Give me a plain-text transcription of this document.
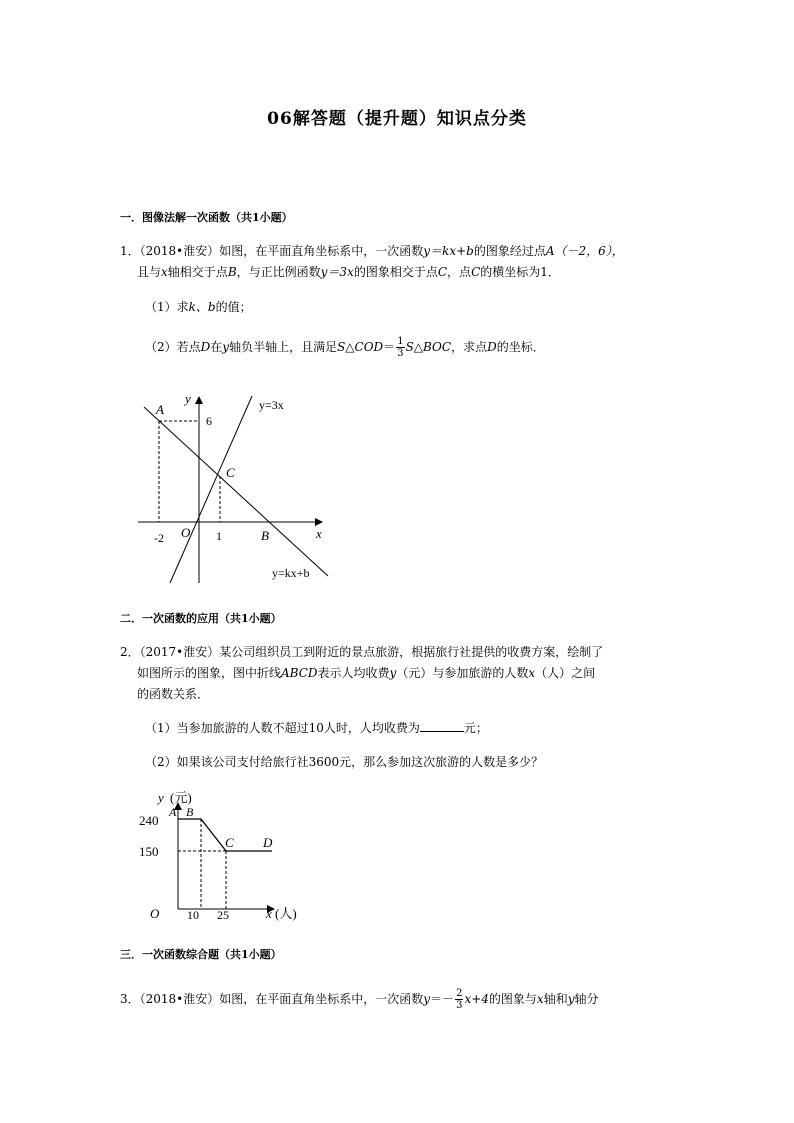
06解答题（提升题）知识点分类
一．图像法解一次函数（共1小题）
1．（2018•淮安）如图，在平面直角坐标系中，一次函数y＝kx+b的图象经过点A（－2，6），
且与x轴相交于点B，与正比例函数y＝3x的图象相交于点C，点C的横坐标为1．
（1）求k、b的值；
（2）若点D在y轴负半轴上，且满足S△COD＝ $\frac{1}{3}$ S△BOC，求点D的坐标．
y
x
O
A
B
C
6
-2	1
y=3x
y=kx+b
二．一次函数的应用（共1小题）
2．（2017•淮安）某公司组织员工到附近的景点旅游，根据旅行社提供的收费方案，绘制了
如图所示的图象，图中折线ABCD表示人均收费y（元）与参加旅游的人数x（人）之间
的函数关系．
（1）当参加旅游的人数不超过10人时，人均收费为	元；
（2）如果该公司支付给旅行社3600元，那么参加这次旅游的人数是多少？
y (元)
x (人)
O
A B
C D
240
150
10 25
三．一次函数综合题（共1小题）
3．（2018•淮安）如图，在平面直角坐标系中，一次函数$y=- \frac{2}{3} x+4$的图象与x轴和y轴分
